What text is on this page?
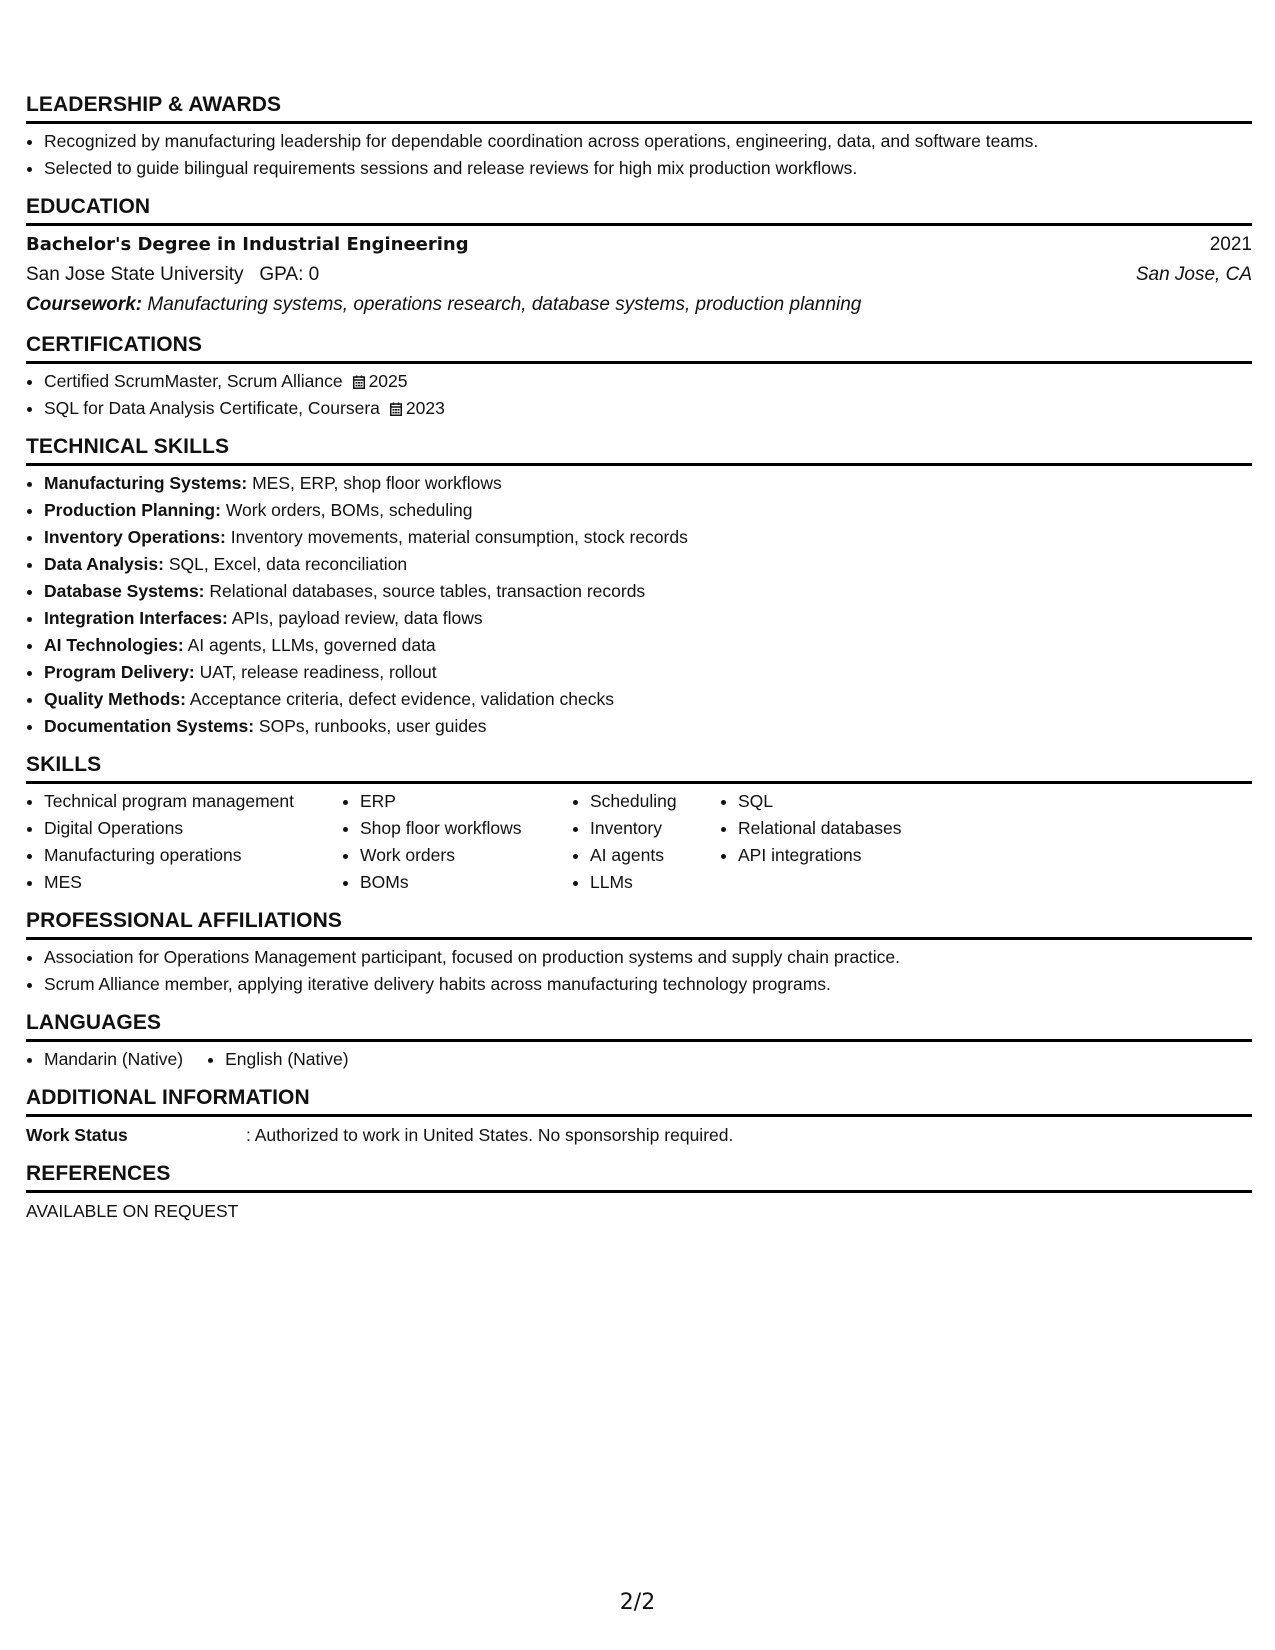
LEADERSHIP & AWARDS
• Recognized by manufacturing leadership for dependable coordination across operations, engineering, data, and software teams.
• Selected to guide bilingual requirements sessions and release reviews for high mix production workflows.
EDUCATION
Bachelor's Degree in Industrial Engineering	2021
San Jose State University GPA: 0	San Jose, CA
Coursework: Manufacturing systems, operations research, database systems, production planning
CERTIFICATIONS
• Certified ScrumMaster, Scrum Alliance 2025
• SQL for Data Analysis Certificate, Coursera 2023
TECHNICAL SKILLS
• Manufacturing Systems: MES, ERP, shop floor workflows
• Production Planning: Work orders, BOMs, scheduling
• Inventory Operations: Inventory movements, material consumption, stock records
• Data Analysis: SQL, Excel, data reconciliation
• Database Systems: Relational databases, source tables, transaction records
• Integration Interfaces: APIs, payload review, data flows
• AI Technologies: AI agents, LLMs, governed data
• Program Delivery: UAT, release readiness, rollout
• Quality Methods: Acceptance criteria, defect evidence, validation checks
• Documentation Systems: SOPs, runbooks, user guides
SKILLS
• Technical program management
• Digital Operations
• Manufacturing operations
• MES
• ERP
• Shop floor workflows
• Work orders
• BOMs
• Scheduling
• Inventory
• AI agents
• LLMs
• SQL
• Relational databases
• API integrations
PROFESSIONAL AFFILIATIONS
• Association for Operations Management participant, focused on production systems and supply chain practice.
• Scrum Alliance member, applying iterative delivery habits across manufacturing technology programs.
LANGUAGES
• Mandarin (Native)
• English (Native)
ADDITIONAL INFORMATION
Work Status	: Authorized to work in United States. No sponsorship required.
REFERENCES
AVAILABLE ON REQUEST
2/2
